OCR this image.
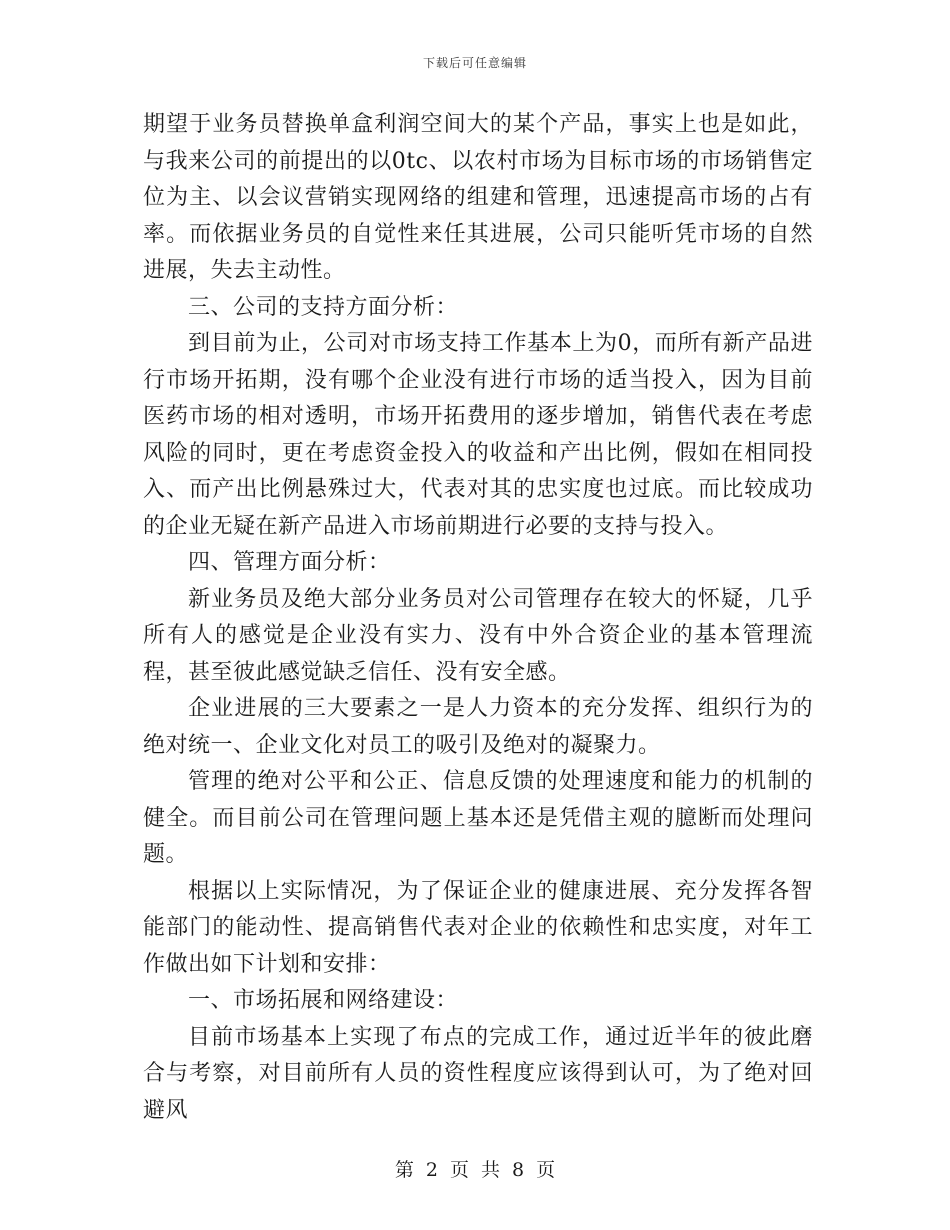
下载后可任意编辑

期望于业务员替换单盒利润空间大的某个产品，事实上也是如此，与我来公司的前提出的以0tc、以农村市场为目标市场的市场销售定位为主、以会议营销实现网络的组建和管理，迅速提高市场的占有率。而依据业务员的自觉性来任其进展，公司只能听凭市场的自然进展，失去主动性。

三、公司的支持方面分析：

到目前为止，公司对市场支持工作基本上为0，而所有新产品进行市场开拓期，没有哪个企业没有进行市场的适当投入，因为目前医药市场的相对透明，市场开拓费用的逐步增加，销售代表在考虑风险的同时，更在考虑资金投入的收益和产出比例，假如在相同投入、而产出比例悬殊过大，代表对其的忠实度也过底。而比较成功的企业无疑在新产品进入市场前期进行必要的支持与投入。

四、管理方面分析：

新业务员及绝大部分业务员对公司管理存在较大的怀疑，几乎所有人的感觉是企业没有实力、没有中外合资企业的基本管理流程，甚至彼此感觉缺乏信任、没有安全感。

企业进展的三大要素之一是人力资本的充分发挥、组织行为的绝对统一、企业文化对员工的吸引及绝对的凝聚力。

管理的绝对公平和公正、信息反馈的处理速度和能力的机制的健全。而目前公司在管理问题上基本还是凭借主观的臆断而处理问题。

根据以上实际情况，为了保证企业的健康进展、充分发挥各智能部门的能动性、提高销售代表对企业的依赖性和忠实度，对年工作做出如下计划和安排：

一、市场拓展和网络建设：

目前市场基本上实现了布点的完成工作，通过近半年的彼此磨合与考察，对目前所有人员的资性程度应该得到认可，为了绝对回避风

第 2 页 共 8 页
